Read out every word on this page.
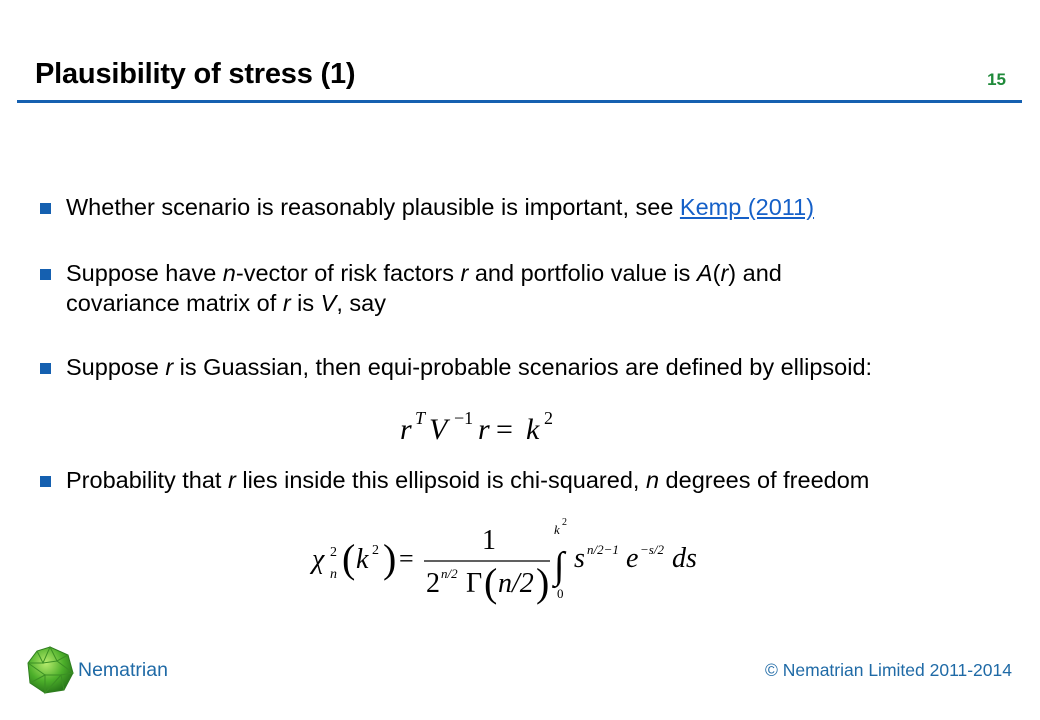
Plausibility of stress (1)	15
Whether scenario is reasonably plausible is important, see Kemp (2011)
Suppose have n-vector of risk factors r and portfolio value is A(r) and
covariance matrix of r is V, say
Suppose r is Guassian, then equi-probable scenarios are defined by ellipsoid:
Probability that r lies inside this ellipsoid is chi-squared, n degrees of freedom
r T V −1 r = k 2
χ 2
n ( k 2 ) =
1
2 n/2 Γ ( n/2 )
k 2
∫
0
s n/2−1 e −s/2 ds
Nematrian	© Nematrian Limited 2011-2014
